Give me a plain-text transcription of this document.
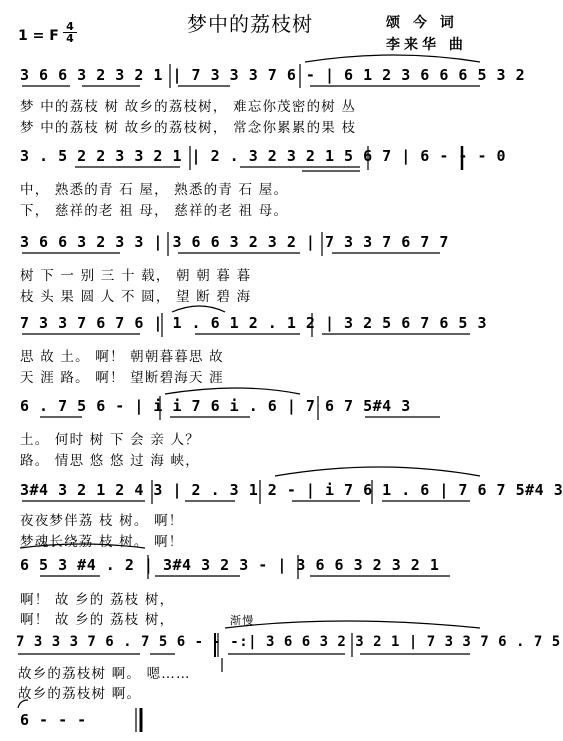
梦中的荔枝树
1 = F
4
4
颂 今 词
李来华 曲
3 6 6 3 2 3 2 1 | 7 3 3 3 7 6 - | 6 1 2 3 6 6 6 5 3 2
梦 中的荔枝 树 故乡的荔枝树， 难忘你茂密的树 丛
梦 中的荔枝 树 故乡的荔枝树， 常念你累累的果 枝
3 . 5 2 2 3 3 2 1 | 2 . 3 2 3 2 1 5 6 7 | 6 - - - 0
中， 熟悉的青 石 屋， 熟悉的青 石 屋。
下， 慈祥的老 祖 母， 慈祥的老 祖 母。
3 6 6 3 2 3 3 | 3 6 6 3 2 3 2 | 7 3 3 7 6 7 7
树 下 一 别 三 十 载， 朝 朝 暮 暮
枝 头 果 圆 人 不 圆， 望 断 碧 海
7 3 3 7 6 7 6 | 1 . 6 1 2 . 1 2 | 3 2 5 6 7 6 5 3
思 故 土。 啊！ 朝朝暮暮思 故
天 涯 路。 啊！ 望断碧海天 涯
6 . 7 5 6 - | i i 7 6 i . 6 | 7 6 7 5#4 3
土。 何时 树 下 会 亲 人？
路。 情思 悠 悠 过 海 峡，
3#4 3 2 1 2 4 3 | 2 . 3 1 2 - | i 7 6 1 . 6 | 7 6 7 5#4 3
夜夜梦伴荔 枝 树。 啊！
梦魂长绕荔 枝 树。 啊！
6 5 3 #4 . 2 | 3#4 3 2 3 - | 3 6 6 3 2 3 2 1
啊！ 故 乡的 荔枝 树，
啊！ 故 乡的 荔枝 树，	渐慢
7 3 3 3 7 6 . 7 5 6 - - -:| 3 6 6 3 2 3 2 1 | 7 3 3 7 6 . 7 5
故乡的荔枝树 啊。 嗯……
故乡的荔枝树 啊。
6 - - -
